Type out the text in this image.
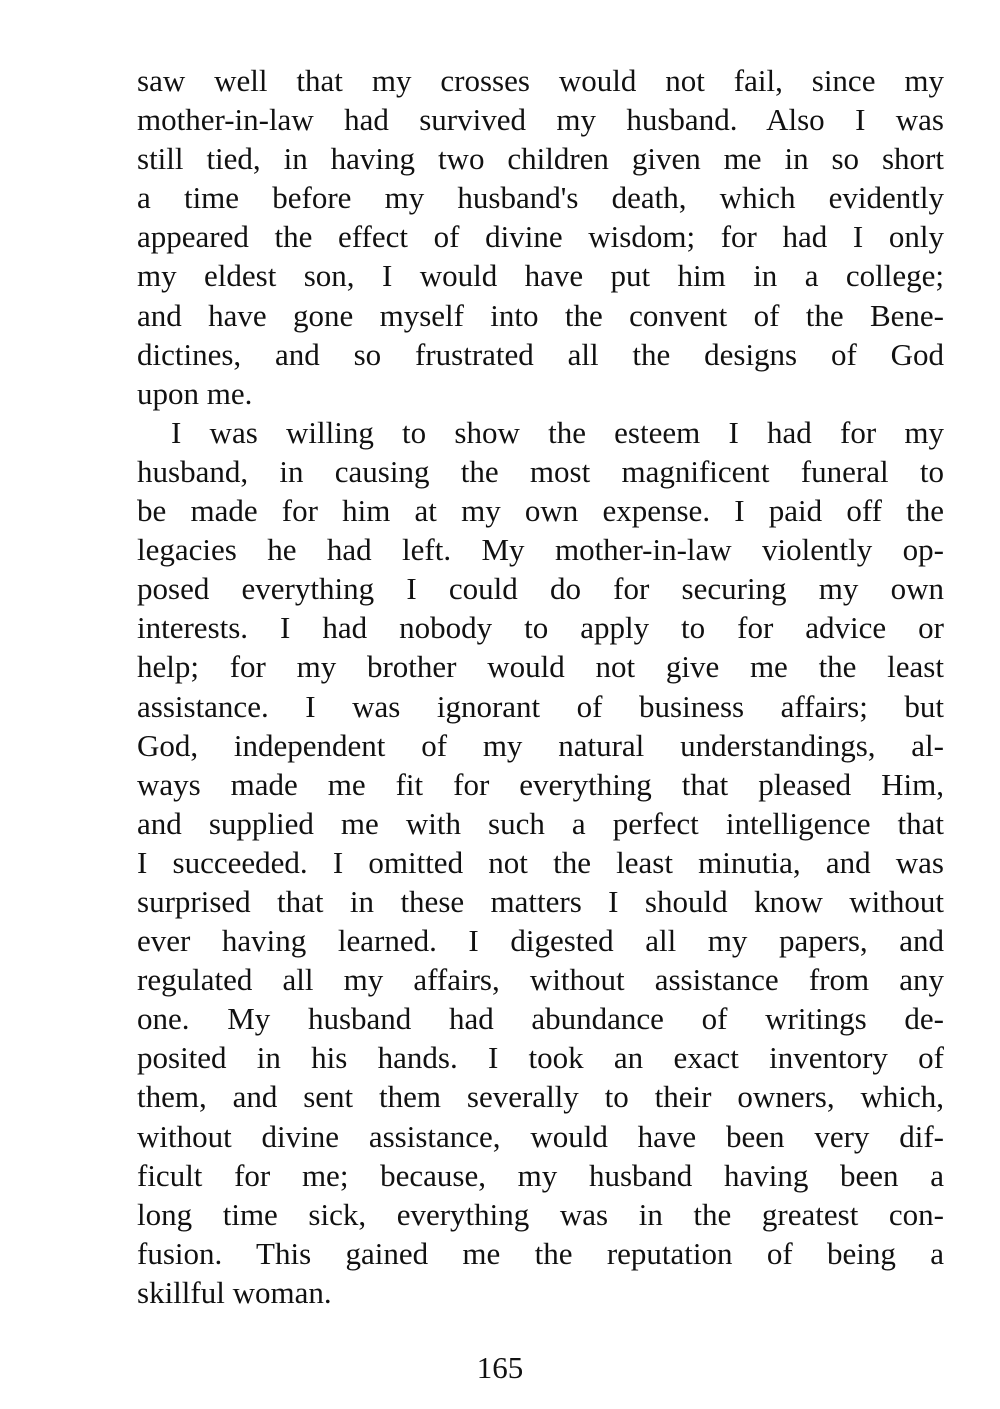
saw well that my crosses would not fail, since my
mother-in-law had survived my husband. Also I was
still tied, in having two children given me in so short
a time before my husband's death, which evidently
appeared the effect of divine wisdom; for had I only
my eldest son, I would have put him in a college;
and have gone myself into the convent of the Bene-
dictines, and so frustrated all the designs of God
upon me.
I was willing to show the esteem I had for my
husband, in causing the most magnificent funeral to
be made for him at my own expense. I paid off the
legacies he had left. My mother-in-law violently op-
posed everything I could do for securing my own
interests. I had nobody to apply to for advice or
help; for my brother would not give me the least
assistance. I was ignorant of business affairs; but
God, independent of my natural understandings, al-
ways made me fit for everything that pleased Him,
and supplied me with such a perfect intelligence that
I succeeded. I omitted not the least minutia, and was
surprised that in these matters I should know without
ever having learned. I digested all my papers, and
regulated all my affairs, without assistance from any
one. My husband had abundance of writings de-
posited in his hands. I took an exact inventory of
them, and sent them severally to their owners, which,
without divine assistance, would have been very dif-
ficult for me; because, my husband having been a
long time sick, everything was in the greatest con-
fusion. This gained me the reputation of being a
skillful woman.
165
